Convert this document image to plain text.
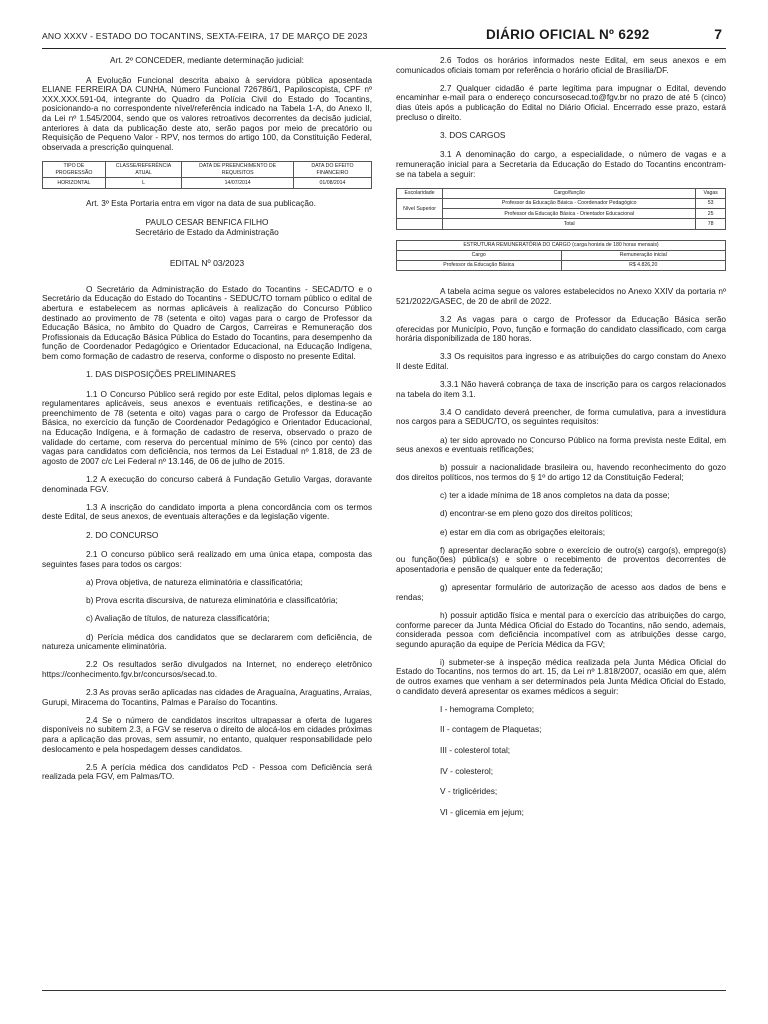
ANO XXXV - ESTADO DO TOCANTINS, SEXTA-FEIRA, 17 DE MARÇO DE 2023	DIÁRIO OFICIAL Nº 6292	7

Art. 2º CONCEDER, mediante determinação judicial:

A Evolução Funcional descrita abaixo à servidora pública aposentada ELIANE FERREIRA DA CUNHA, Número Funcional 726786/1, Papiloscopista, CPF nº XXX.XXX.591-04, integrante do Quadro da Polícia Civil do Estado do Tocantins, posicionando-a no correspondente nível/referência indicado na Tabela 1-A, do Anexo II, da Lei nº 1.545/2004, sendo que os valores retroativos decorrentes da decisão judicial, anteriores à data da publicação deste ato, serão pagos por meio de precatório ou Requisição de Pequeno Valor - RPV, nos termos do artigo 100, da Constituição Federal, observada a prescrição quinquenal.

TIPO DE PROGRESSÃO	CLASSE/REFERÊNCIA ATUAL	DATA DE PREENCHIMENTO DE REQUISITOS	DATA DO EFEITO FINANCEIRO
HORIZONTAL	L	14/07/2014	01/08/2014

Art. 3º Esta Portaria entra em vigor na data de sua publicação.

PAULO CESAR BENFICA FILHO

Secretário de Estado da Administração

EDITAL Nº 03/2023

O Secretário da Administração do Estado do Tocantins - SECAD/TO e o Secretário da Educação do Estado do Tocantins - SEDUC/TO tornam público o edital de abertura e estabelecem as normas aplicáveis à realização do Concurso Público destinado ao provimento de 78 (setenta e oito) vagas para o cargo de Professor da Educação Básica, no âmbito do Quadro de Cargos, Carreiras e Remuneração dos Profissionais da Educação Básica Pública do Estado do Tocantins, para desempenho da função de Coordenador Pedagógico e Orientador Educacional, na Educação Indígena, bem como formação de cadastro de reserva, conforme o disposto no presente Edital.

1. DAS DISPOSIÇÕES PRELIMINARES

1.1 O Concurso Público será regido por este Edital, pelos diplomas legais e regulamentares aplicáveis, seus anexos e eventuais retificações, e destina-se ao preenchimento de 78 (setenta e oito) vagas para o cargo de Professor da Educação Básica, no exercício da função de Coordenador Pedagógico e Orientador Educacional, na Educação Indígena, e à formação de cadastro de reserva, observado o prazo de validade do certame, com reserva do percentual mínimo de 5% (cinco por cento) das vagas para candidatos com deficiência, nos termos da Lei Estadual nº 1.818, de 23 de agosto de 2007 c/c Lei Federal nº 13.146, de 06 de julho de 2015.

1.2 A execução do concurso caberá à Fundação Getulio Vargas, doravante denominada FGV.

1.3 A inscrição do candidato importa a plena concordância com os termos deste Edital, de seus anexos, de eventuais alterações e da legislação vigente.

2. DO CONCURSO

2.1 O concurso público será realizado em uma única etapa, composta das seguintes fases para todos os cargos:

a) Prova objetiva, de natureza eliminatória e classificatória;

b) Prova escrita discursiva, de natureza eliminatória e classificatória;

c) Avaliação de títulos, de natureza classificatória;

d) Perícia médica dos candidatos que se declararem com deficiência, de natureza unicamente eliminatória.

2.2 Os resultados serão divulgados na Internet, no endereço eletrônico https://conhecimento.fgv.br/concursos/secad.to.

2.3 As provas serão aplicadas nas cidades de Araguaína, Araguatins, Arraias, Gurupi, Miracema do Tocantins, Palmas e Paraíso do Tocantins.

2.4 Se o número de candidatos inscritos ultrapassar a oferta de lugares disponíveis no subitem 2.3, a FGV se reserva o direito de alocá-los em cidades próximas para a aplicação das provas, sem assumir, no entanto, qualquer responsabilidade pelo deslocamento e pela hospedagem desses candidatos.

2.5 A perícia médica dos candidatos PcD - Pessoa com Deficiência será realizada pela FGV, em Palmas/TO.

2.6 Todos os horários informados neste Edital, em seus anexos e em comunicados oficiais tomam por referência o horário oficial de Brasília/DF.

2.7 Qualquer cidadão é parte legítima para impugnar o Edital, devendo encaminhar e-mail para o endereço concursosecad.to@fgv.br no prazo de até 5 (cinco) dias úteis após a publicação do Edital no Diário Oficial. Encerrado esse prazo, estará precluso o direito.

3. DOS CARGOS

3.1 A denominação do cargo, a especialidade, o número de vagas e a remuneração inicial para a Secretaria da Educação do Estado do Tocantins encontram-se na tabela a seguir:

Escolaridade	Cargo/função	Vagas
Nível Superior	Professor da Educação Básica - Coordenador Pedagógico	53
	Professor da Educação Básica - Orientador Educacional	25
	Total	78
ESTRUTURA REMUNERATÓRIA DO CARGO (carga horária de 180 horas mensais)	
Cargo	Remuneração inicial
Professor da Educação Básica	R$ 4.826,20

A tabela acima segue os valores estabelecidos no Anexo XXIV da portaria nº 521/2022/GASEC, de 20 de abril de 2022.

3.2 As vagas para o cargo de Professor da Educação Básica serão oferecidas por Município, Povo, função e formação do candidato classificado, com carga horária disponibilizada de 180 horas.

3.3 Os requisitos para ingresso e as atribuições do cargo constam do Anexo II deste Edital.

3.3.1 Não haverá cobrança de taxa de inscrição para os cargos relacionados na tabela do item 3.1.

3.4 O candidato deverá preencher, de forma cumulativa, para a investidura nos cargos para a SEDUC/TO, os seguintes requisitos:

a) ter sido aprovado no Concurso Público na forma prevista neste Edital, em seus anexos e eventuais retificações;

b) possuir a nacionalidade brasileira ou, havendo reconhecimento do gozo dos direitos políticos, nos termos do § 1º do artigo 12 da Constituição Federal;

c) ter a idade mínima de 18 anos completos na data da posse;

d) encontrar-se em pleno gozo dos direitos políticos;

e) estar em dia com as obrigações eleitorais;

f) apresentar declaração sobre o exercício de outro(s) cargo(s), emprego(s) ou função(ões) pública(s) e sobre o recebimento de proventos decorrentes de aposentadoria e pensão de qualquer ente da federação;

g) apresentar formulário de autorização de acesso aos dados de bens e rendas;

h) possuir aptidão física e mental para o exercício das atribuições do cargo, conforme parecer da Junta Médica Oficial do Estado do Tocantins, não sendo, ademais, considerada pessoa com deficiência incompatível com as atribuições desse cargo, segundo apuração da equipe de Perícia Médica da FGV;

i) submeter-se à inspeção médica realizada pela Junta Médica Oficial do Estado do Tocantins, nos termos do art. 15, da Lei nº 1.818/2007, ocasião em que, além de outros exames que venham a ser determinados pela Junta Médica Oficial do Estado, o candidato deverá apresentar os exames médicos a seguir:

I - hemograma Completo;

II - contagem de Plaquetas;

III - colesterol total;

IV - colesterol;

V - triglicérides;

VI - glicemia em jejum;
